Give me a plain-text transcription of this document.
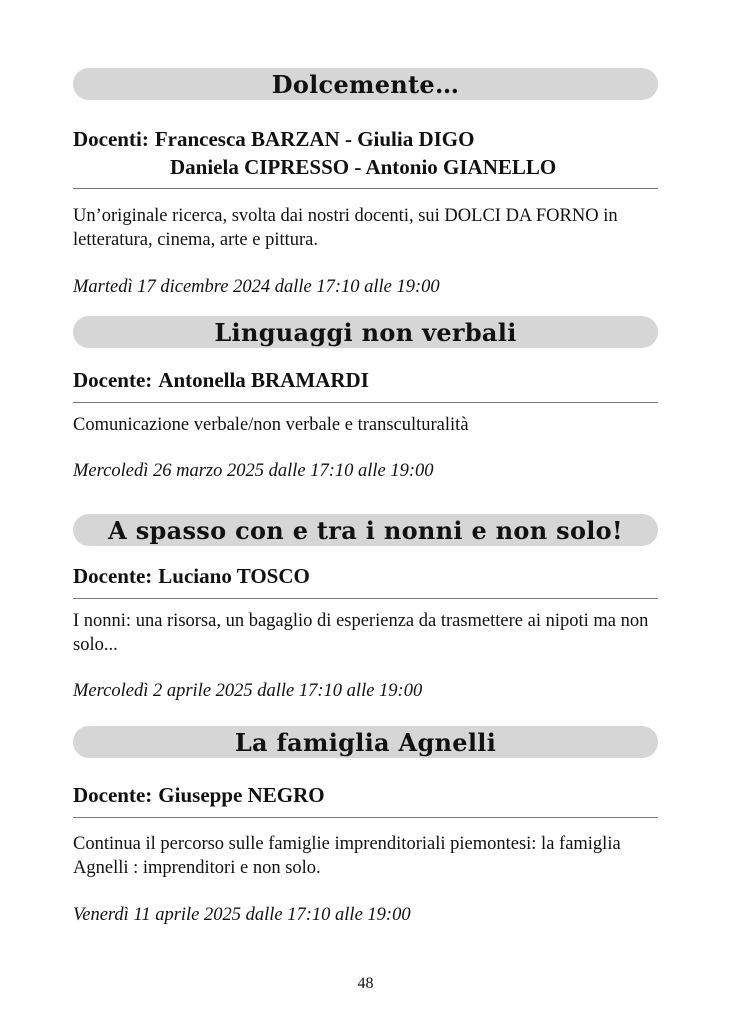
Dolcemente…
Docenti: Francesca BARZAN - Giulia DIGO
Daniela CIPRESSO - Antonio GIANELLO
Un’originale ricerca, svolta dai nostri docenti, sui DOLCI DA FORNO in letteratura, cinema, arte e pittura.
Martedì 17 dicembre 2024 dalle 17:10 alle 19:00
Linguaggi non verbali
Docente: Antonella BRAMARDI
Comunicazione verbale/non verbale e transculturalità
Mercoledì 26 marzo 2025 dalle 17:10 alle 19:00
A spasso con e tra i nonni e non solo!
Docente: Luciano TOSCO
I nonni: una risorsa, un bagaglio di esperienza da trasmettere ai nipoti ma non solo...
Mercoledì 2 aprile 2025 dalle 17:10 alle 19:00
La famiglia Agnelli
Docente: Giuseppe NEGRO
Continua il percorso sulle famiglie imprenditoriali piemontesi: la famiglia Agnelli : imprenditori e non solo.
Venerdì 11 aprile 2025 dalle 17:10 alle 19:00
48
